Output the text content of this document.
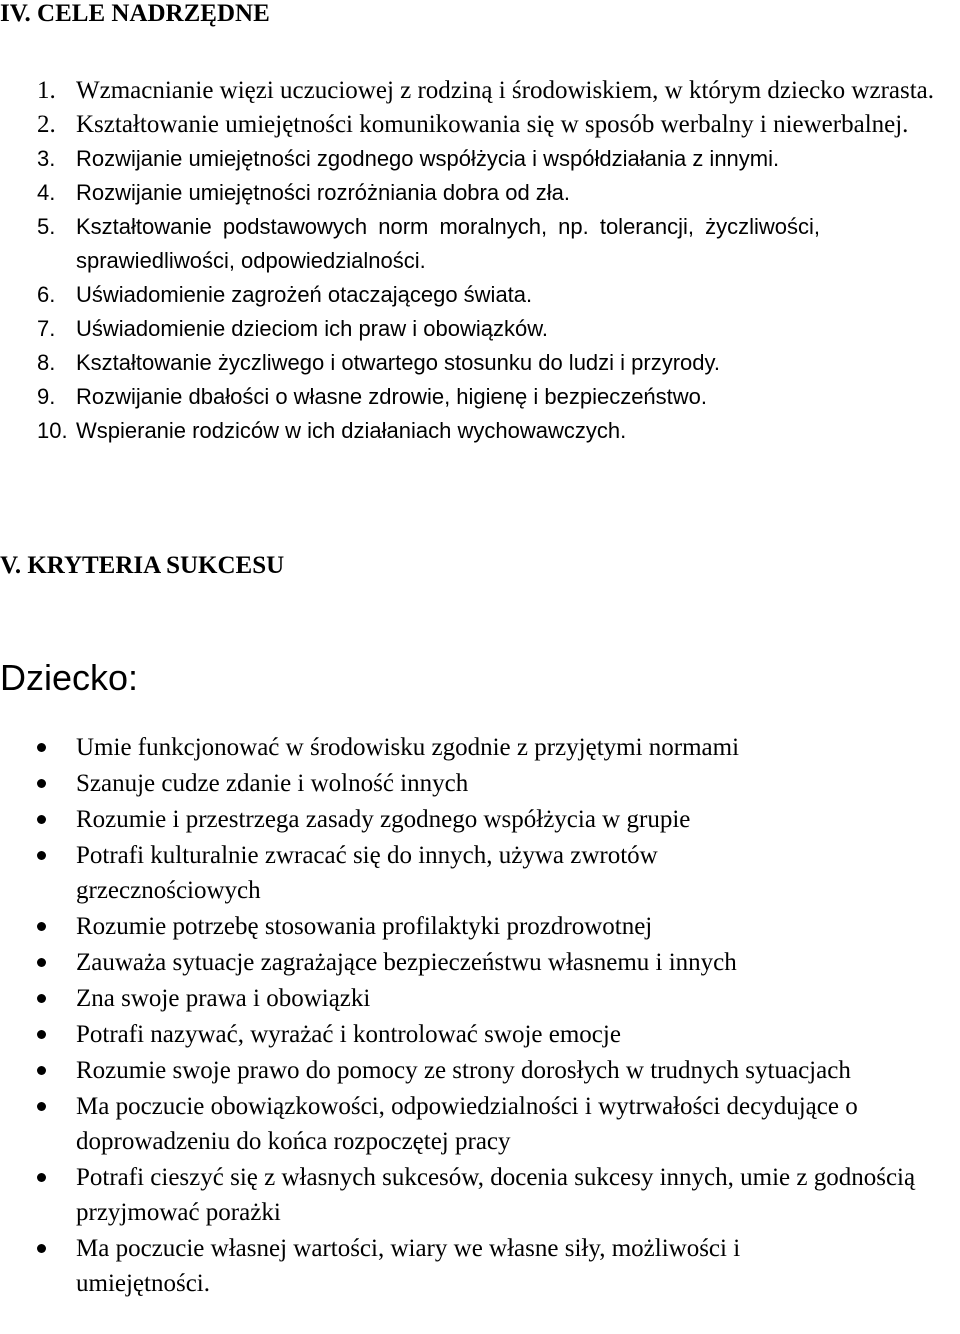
IV. CELE NADRZĘDNE
1. Wzmacnianie więzi uczuciowej z rodziną i środowiskiem, w którym dziecko wzrasta.
2. Kształtowanie umiejętności komunikowania się w sposób werbalny i niewerbalnej.
3. Rozwijanie umiejętności zgodnego współżycia i współdziałania z innymi.
4. Rozwijanie umiejętności rozróżniania dobra od zła.
5. Kształtowanie podstawowych norm moralnych, np. tolerancji, życzliwości, sprawiedliwości, odpowiedzialności.
6. Uświadomienie zagrożeń otaczającego świata.
7. Uświadomienie dzieciom ich praw i obowiązków.
8. Kształtowanie życzliwego i otwartego stosunku do ludzi i przyrody.
9. Rozwijanie dbałości o własne zdrowie, higienę i bezpieczeństwo.
10. Wspieranie rodziców w ich działaniach wychowawczych.
V. KRYTERIA SUKCESU
Dziecko:
Umie funkcjonować w środowisku zgodnie z przyjętymi normami
Szanuje cudze zdanie i wolność innych
Rozumie i przestrzega zasady zgodnego współżycia w grupie
Potrafi kulturalnie zwracać się do innych, używa zwrotów grzecznościowych
Rozumie potrzebę stosowania profilaktyki prozdrowotnej
Zauważa sytuacje zagrażające bezpieczeństwu własnemu i innych
Zna swoje prawa i obowiązki
Potrafi nazywać, wyrażać i kontrolować swoje emocje
Rozumie swoje prawo do pomocy ze strony dorosłych w trudnych sytuacjach
Ma poczucie obowiązkowości, odpowiedzialności i wytrwałości decydujące o doprowadzeniu do końca rozpoczętej pracy
Potrafi cieszyć się z własnych sukcesów, docenia sukcesy innych, umie z godnością przyjmować porażki
Ma poczucie własnej wartości, wiary we własne siły, możliwości i umiejętności.
